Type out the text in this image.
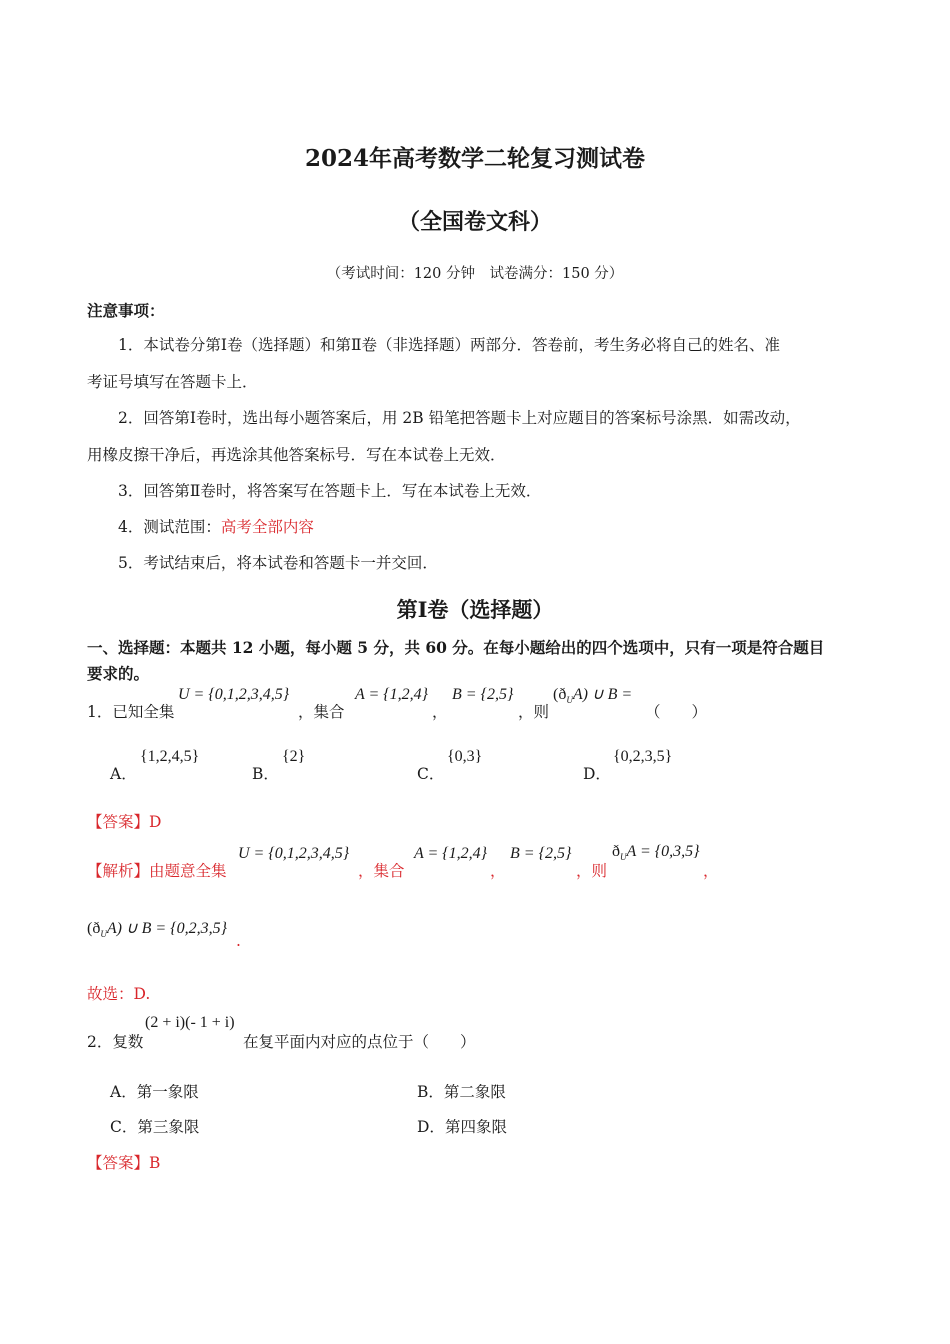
2024年高考数学二轮复习测试卷
（全国卷文科）
（考试时间：120 分钟　试卷满分：150 分）
注意事项：
1．本试卷分第Ⅰ卷（选择题）和第Ⅱ卷（非选择题）两部分．答卷前，考生务必将自己的姓名、准
考证号填写在答题卡上．
2．回答第Ⅰ卷时，选出每小题答案后，用 2B 铅笔把答题卡上对应题目的答案标号涂黑．如需改动，
用橡皮擦干净后，再选涂其他答案标号．写在本试卷上无效．
3．回答第Ⅱ卷时，将答案写在答题卡上．写在本试卷上无效．
4．测试范围：高考全部内容
5．考试结束后，将本试卷和答题卡一并交回．
第Ⅰ卷（选择题）
一、选择题：本题共 12 小题，每小题 5 分，共 60 分。在每小题给出的四个选项中，只有一项是符合题目
要求的。
1．已知全集
U = {0,1,2,3,4,5}
，集合
A = {1,2,4}
，
B = {2,5}
，则
$(ð_UA)$ ∪ B =
（　　）
A．
{1,2,4,5}
B．
{2}
C．
{0,3}
D．
{0,2,3,5}
【答案】D
【解析】由题意全集
U = {0,1,2,3,4,5}
，集合
A = {1,2,4}
，
B = {2,5}
，则
$ð_UA = \{0,3,5\}$
，
$(ð_UA)$ ∪ B = {0,2,3,5}
.
故选：D.
2．复数
(2 + i)(- 1 + i)
在复平面内对应的点位于（　　）
A．第一象限	B．第二象限
C．第三象限	D．第四象限
【答案】B
